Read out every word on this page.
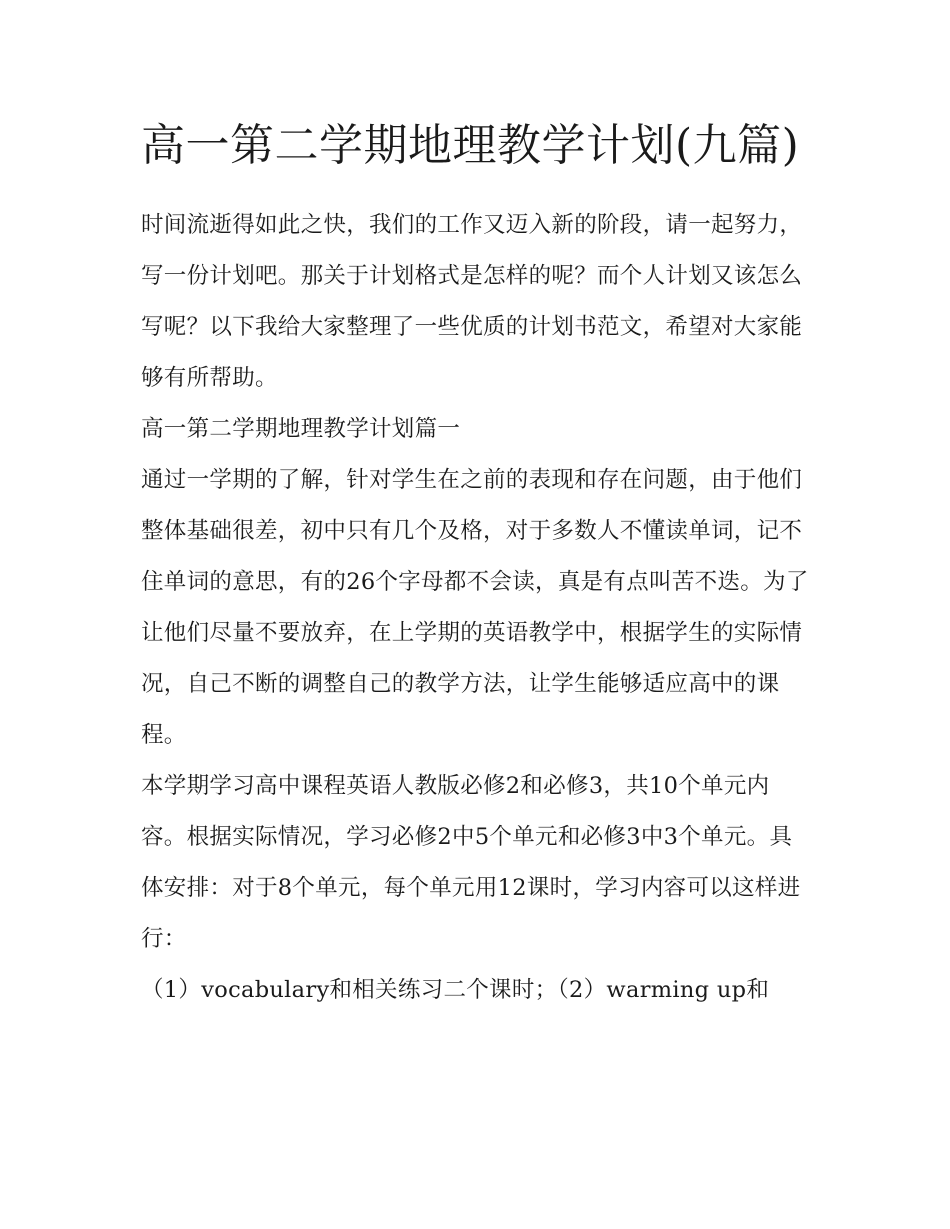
高一第二学期地理教学计划(九篇)

时间流逝得如此之快，我们的工作又迈入新的阶段，请一起努力，写一份计划吧。那关于计划格式是怎样的呢？而个人计划又该怎么写呢？以下我给大家整理了一些优质的计划书范文，希望对大家能够有所帮助。

高一第二学期地理教学计划篇一

通过一学期的了解，针对学生在之前的表现和存在问题，由于他们整体基础很差，初中只有几个及格，对于多数人不懂读单词，记不住单词的意思，有的26个字母都不会读，真是有点叫苦不迭。为了让他们尽量不要放弃，在上学期的英语教学中，根据学生的实际情况，自己不断的调整自己的教学方法，让学生能够适应高中的课程。

本学期学习高中课程英语人教版必修2和必修3，共10个单元内容。根据实际情况，学习必修2中5个单元和必修3中3个单元。具体安排：对于8个单元，每个单元用12课时，学习内容可以这样进行：

（1）vocabulary和相关练习二个课时；（2）warming up和
